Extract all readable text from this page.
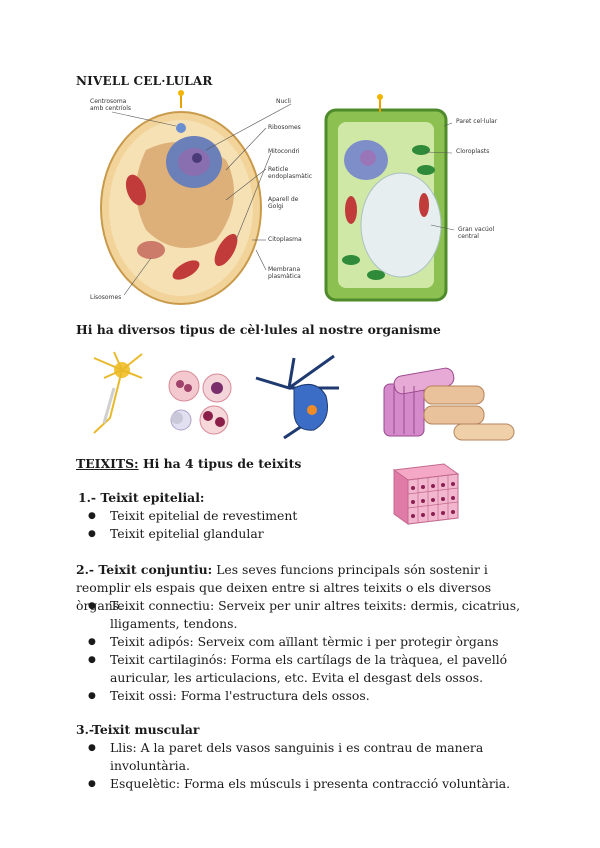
NIVELL CEL·LULAR
Centrosoma amb centríols
Nucli
Ribosomes
Mitocondri
Reticle endoplasmàtic
Aparell de Golgi
Citoplasma
Membrana plasmàtica
Lisosomes
Paret cel·lular
Cloroplasts
Gran vacúol central
Hi ha diversos tipus de cèl·lules al nostre organisme
TEIXITS: Hi ha 4 tipus de teixits
1.- Teixit epitelial:
● Teixit epitelial de revestiment
● Teixit epitelial glandular
2.- Teixit conjuntiu: Les seves funcions principals són sostenir i reomplir els espais que deixen entre si altres teixits o els diversos òrgans.
● Teixit connectiu: Serveix per unir altres teixits: dermis, cicatrius, lligaments, tendons.
● Teixit adipós: Serveix com aïllant tèrmic i per protegir òrgans
● Teixit cartilaginós: Forma els cartílags de la tràquea, el pavelló auricular, les articulacions, etc. Evita el desgast dels ossos.
● Teixit ossi: Forma l'estructura dels ossos.
3.-Teixit muscular
● Llis: A la paret dels vasos sanguinis i es contrau de manera involuntària.
● Esquelètic: Forma els músculs i presenta contracció voluntària.
